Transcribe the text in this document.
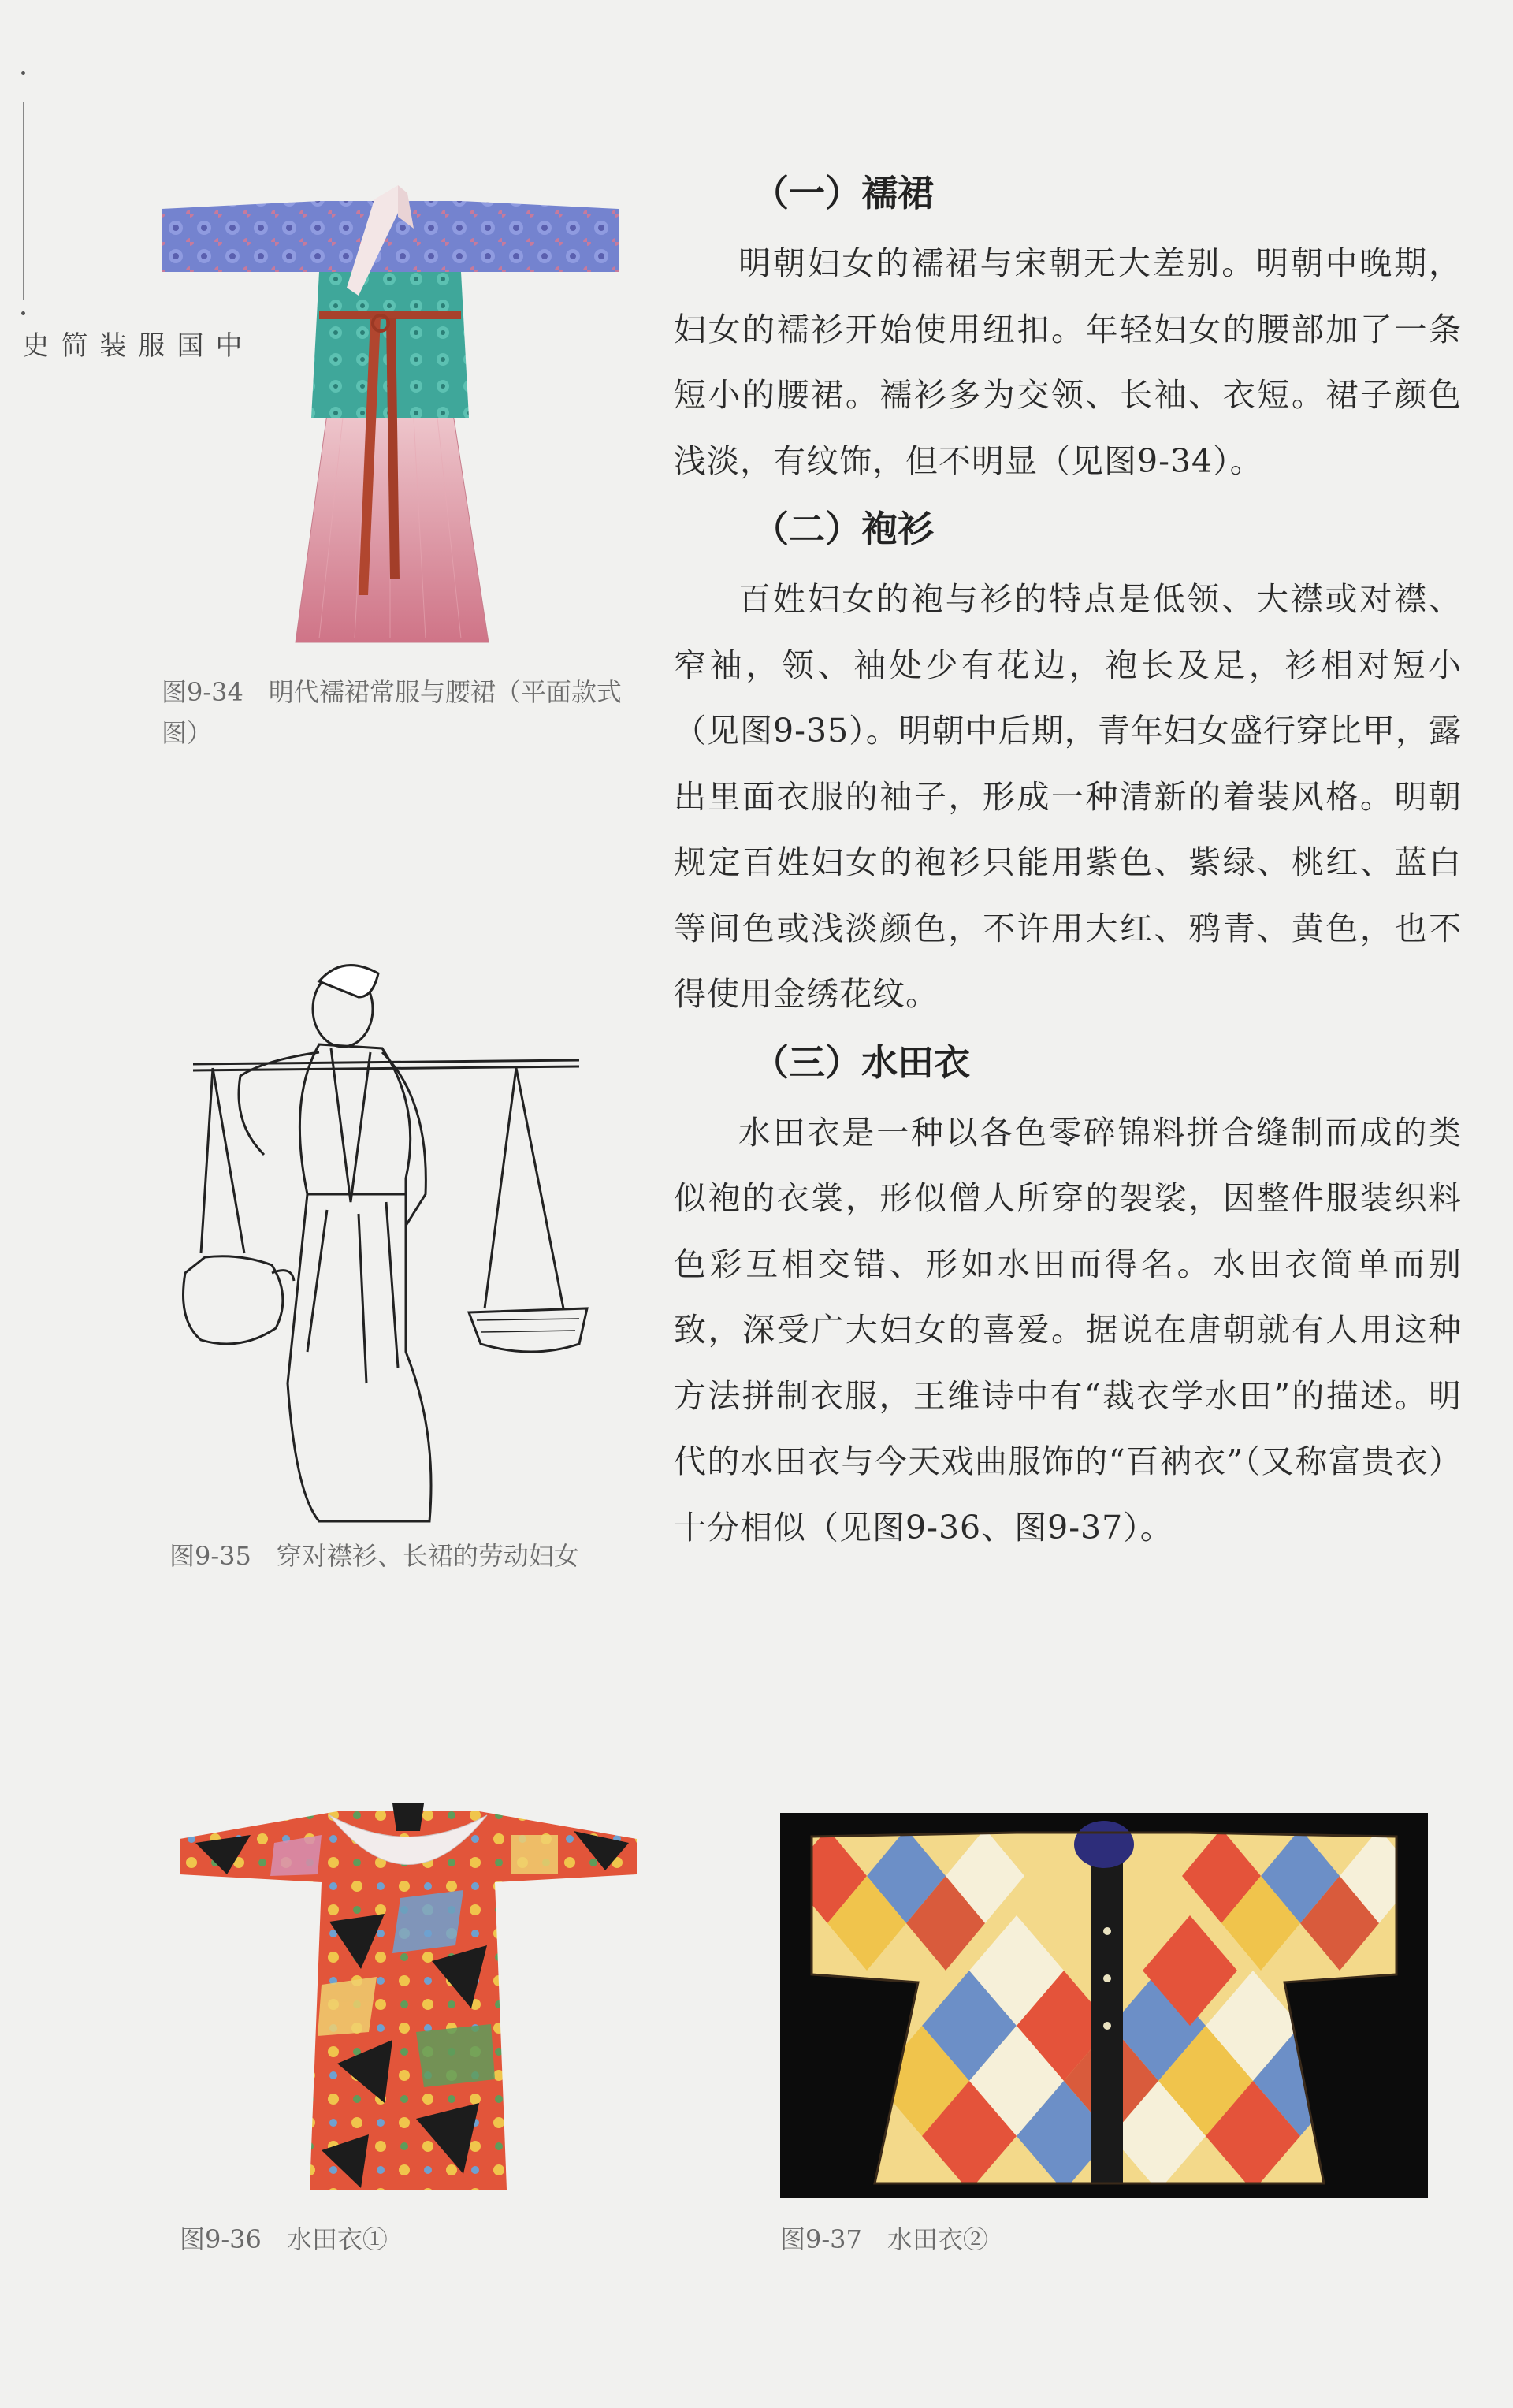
中国服装简史
图9-34　明代襦裙常服与腰裙（平面款式图）
图9-35　穿对襟衫、长裙的劳动妇女
图9-36　水田衣①	图9-37　水田衣②
（一）襦裙

明朝妇女的襦裙与宋朝无大差别。明朝中晚期，妇女的襦衫开始使用纽扣。年轻妇女的腰部加了一条短小的腰裙。襦衫多为交领、长袖、衣短。裙子颜色浅淡，有纹饰，但不明显（见图9-34）。

（二）袍衫

百姓妇女的袍与衫的特点是低领、大襟或对襟、窄袖，领、袖处少有花边，袍长及足，衫相对短小（见图9-35）。明朝中后期，青年妇女盛行穿比甲，露出里面衣服的袖子，形成一种清新的着装风格。明朝规定百姓妇女的袍衫只能用紫色、紫绿、桃红、蓝白等间色或浅淡颜色，不许用大红、鸦青、黄色，也不得使用金绣花纹。

（三）水田衣

水田衣是一种以各色零碎锦料拼合缝制而成的类似袍的衣裳，形似僧人所穿的袈裟，因整件服装织料色彩互相交错、形如水田而得名。水田衣简单而别致，深受广大妇女的喜爱。据说在唐朝就有人用这种方法拼制衣服，王维诗中有“裁衣学水田”的描述。明代的水田衣与今天戏曲服饰的“百衲衣”（又称富贵衣）十分相似（见图9-36、图9-37）。
